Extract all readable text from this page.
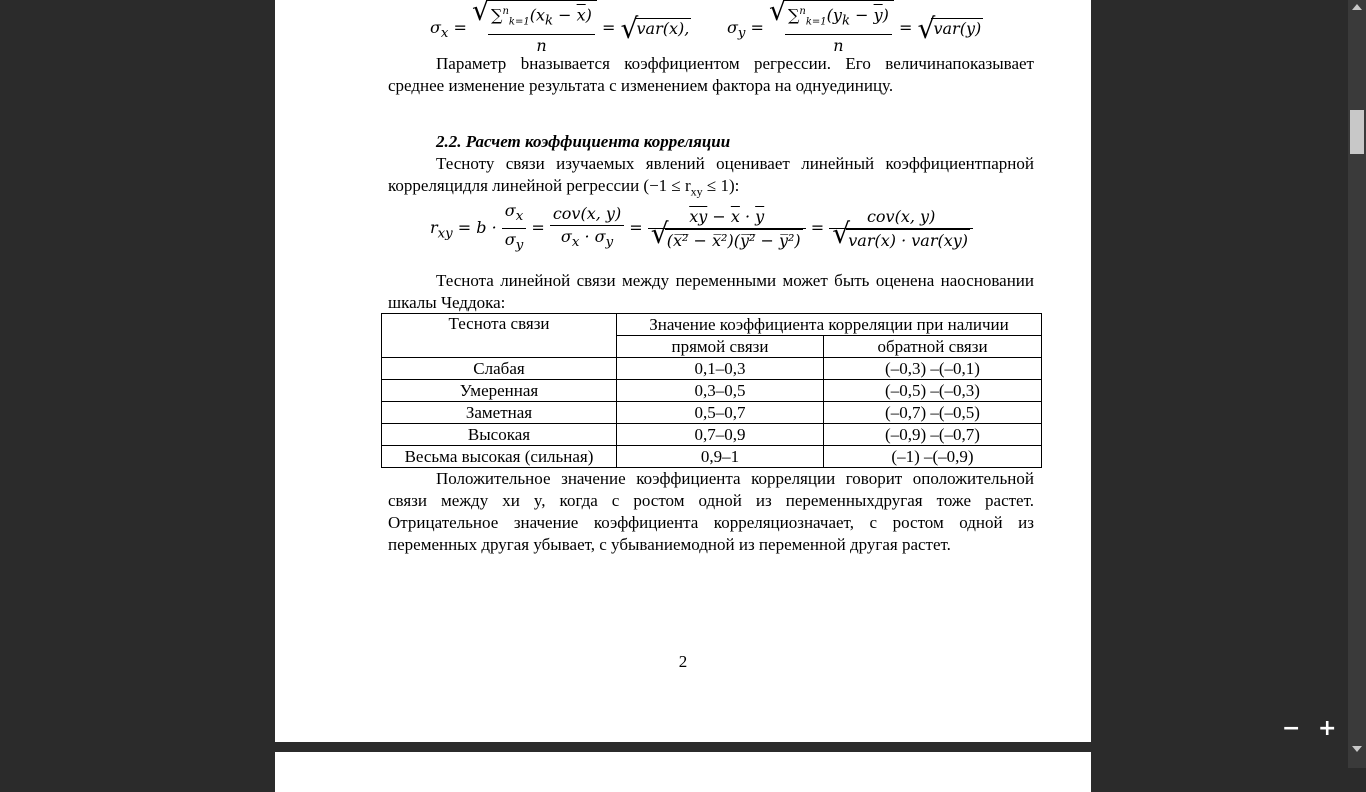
$\sigma_x$ = √ $\frac{\sum^n_{k=1}(x_k - \overline{x})}{n}$ = √ var(x), $\sigma_y$ = √ $\frac{\sum^n_{k=1}(y_k - \overline{y})}{n}$ = √ var(y)

Параметр bназывается коэффициентом регрессии. Его величинапоказывает среднее изменение результата с изменением фактора на однуединицу.

2.2. Расчет коэффициента корреляции

Тесноту связи изучаемых явлений оценивает линейный коэффициентпарной корреляцидля линейной регрессии $(-1 \le r_{xy} \le 1)$:

$r_{xy} = b \cdot \frac{\sigma_x}{\sigma_y} = \frac{\text{cov(x, y)}}{\sigma_x \cdot \sigma_y} = \overline{xy} - \overline{x} \cdot \overline{y}$
√ (x̅²̅ − x̅²)(y̅²̅ − y̅²) = cov(x, y)
√ var(x) · var(xy)

Теснота линейной связи между переменными может быть оценена наосновании шкалы Чеддока:

Теснота связи	Значение коэффициента корреляции при наличии	
	прямой связи	обратной связи
Слабая	0,1–0,3	(–0,3) –(–0,1)
Умеренная	0,3–0,5	(–0,5) –(–0,3)
Заметная	0,5–0,7	(–0,7) –(–0,5)
Высокая	0,7–0,9	(–0,9) –(–0,7)
Весьма высокая (сильная)	0,9–1	(–1) –(–0,9)

Положительное значение коэффициента корреляции говорит оположительной связи между xи y, когда с ростом одной из переменныхдругая тоже растет. Отрицательное значение коэффициента корреляциозначает, с ростом одной из переменных другая убывает, с убываниемодной из переменной другая растет.

2
− +
